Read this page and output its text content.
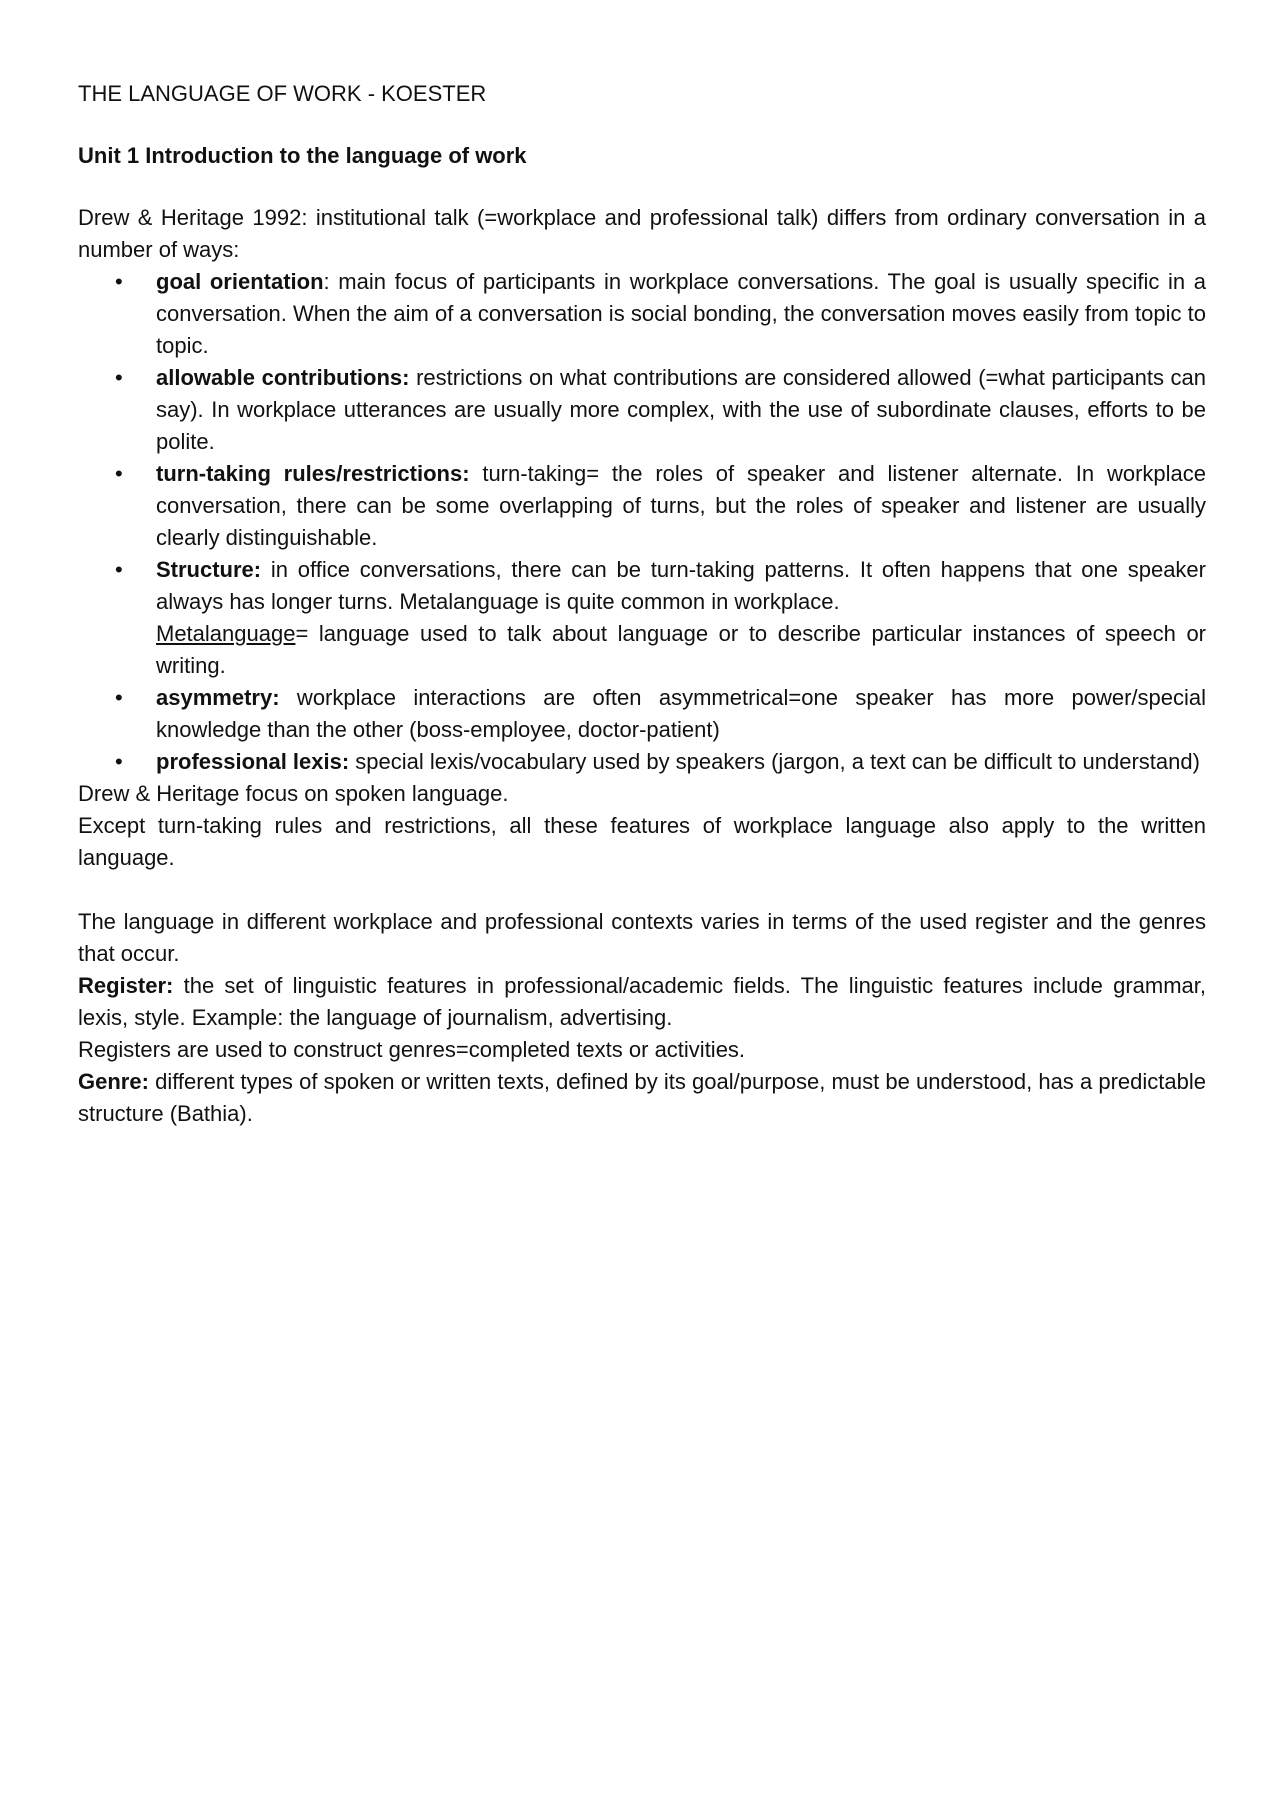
THE LANGUAGE OF WORK - KOESTER
Unit 1 Introduction to the language of work

Drew & Heritage 1992: institutional talk (=workplace and professional talk) differs from ordinary conversation in a number of ways:

• goal orientation: main focus of participants in workplace conversations. The goal is usually specific in a conversation. When the aim of a conversation is social bonding, the conversation moves easily from topic to topic.
• allowable contributions: restrictions on what contributions are considered allowed (=what participants can say). In workplace utterances are usually more complex, with the use of subordinate clauses, efforts to be polite.
• turn-taking rules/restrictions: turn-taking= the roles of speaker and listener alternate. In workplace conversation, there can be some overlapping of turns, but the roles of speaker and listener are usually clearly distinguishable.
• Structure: in office conversations, there can be turn-taking patterns. It often happens that one speaker always has longer turns. Metalanguage is quite common in workplace.
Metalanguage= language used to talk about language or to describe particular instances of speech or writing.
• asymmetry: workplace interactions are often asymmetrical=one speaker has more power/special knowledge than the other (boss-employee, doctor-patient)
• professional lexis: special lexis/vocabulary used by speakers (jargon, a text can be difficult to understand)

Drew & Heritage focus on spoken language.

Except turn-taking rules and restrictions, all these features of workplace language also apply to the written language.

The language in different workplace and professional contexts varies in terms of the used register and the genres that occur.

Register: the set of linguistic features in professional/academic fields. The linguistic features include grammar, lexis, style. Example: the language of journalism, advertising.

Registers are used to construct genres=completed texts or activities.

Genre: different types of spoken or written texts, defined by its goal/purpose, must be understood, has a predictable structure (Bathia).
